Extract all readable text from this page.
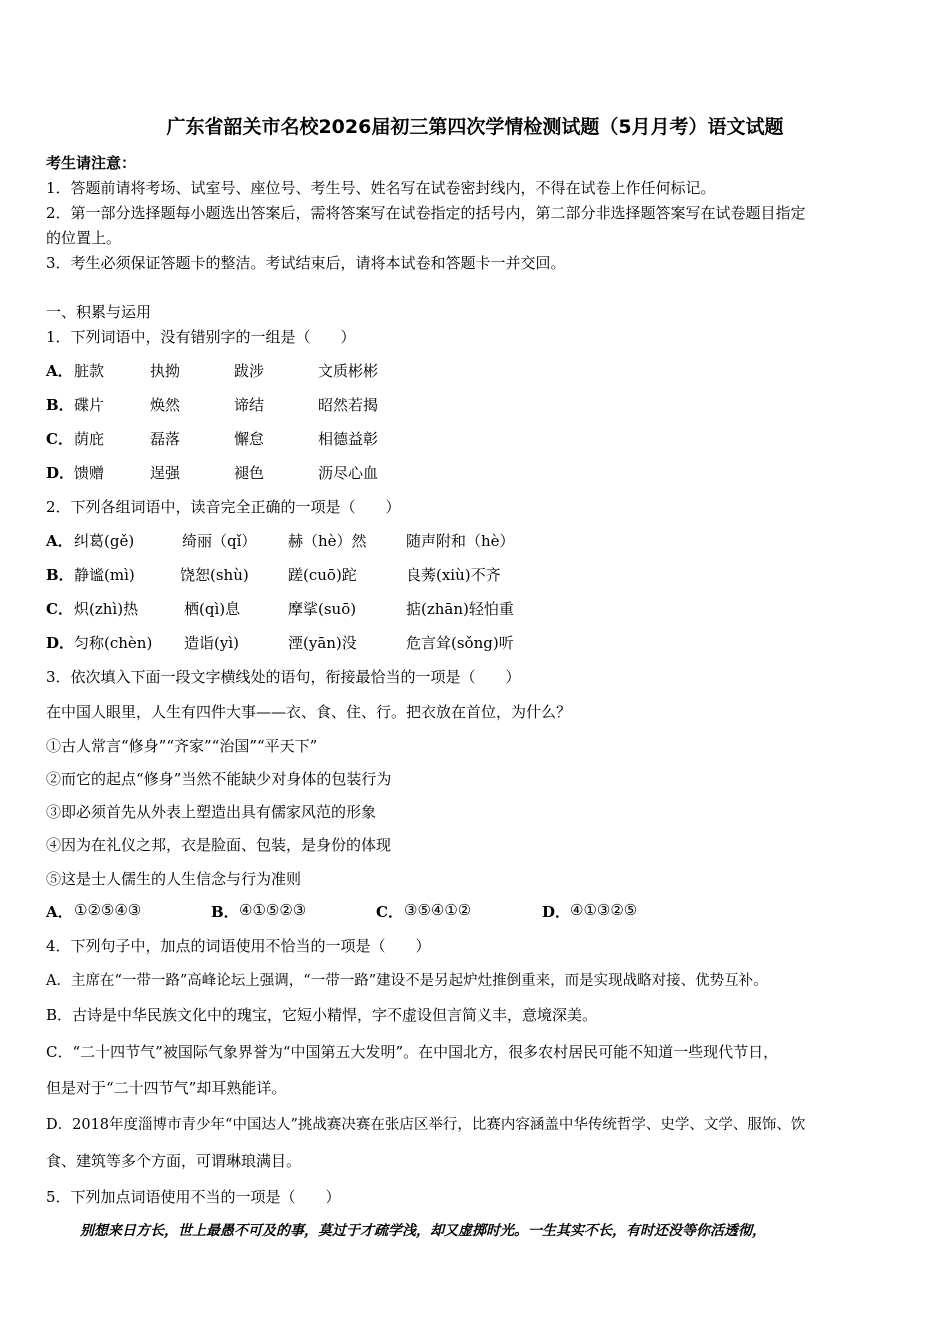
广东省韶关市名校2026届初三第四次学情检测试题（5月月考）语文试题
考生请注意：
1．答题前请将考场、试室号、座位号、考生号、姓名写在试卷密封线内，不得在试卷上作任何标记。
2．第一部分选择题每小题选出答案后，需将答案写在试卷指定的括号内，第二部分非选择题答案写在试卷题目指定
的位置上。
3．考生必须保证答题卡的整洁。考试结束后，请将本试卷和答题卡一并交回。
一、积累与运用
1．下列词语中，没有错别字的一组是（　　）
A． 脏款	执拗	跋涉	文质彬彬
B． 碟片	焕然	谛结	昭然若揭
C． 荫庇	磊落	懈怠	相德益彰
D． 馈赠	逞强	褪色	沥尽心血
2．下列各组词语中，读音完全正确的一项是（　　）
A． 纠葛(gě)	绮丽（qǐ） 赫（hè）然	随声附和（hè）
B． 静谧(mì)	饶恕(shù)	蹉(cuō)跎	良莠(xiù)不齐
C． 炽(zhì)热	栖(qì)息	摩挲(suō)	掂(zhān)轻怕重
D． 匀称(chèn) 造诣(yì)	湮(yān)没	危言耸(sǒng)听
3．依次填入下面一段文字横线处的语句，衔接最恰当的一项是（　　）
在中国人眼里，人生有四件大事——衣、食、住、行。把衣放在首位，为什么？
①古人常言“修身”“齐家”“治国”“平天下”
②而它的起点“修身”当然不能缺少对身体的包装行为
③即必须首先从外表上塑造出具有儒家风范的形象
④因为在礼仪之邦，衣是脸面、包装，是身份的体现
⑤这是士人儒生的人生信念与行为准则
A． ①②⑤④③	B． ④①⑤②③	C． ③⑤④①②	D． ④①③②⑤
4．下列句子中，加点的词语使用不恰当的一项是（　　）
A．主席在“一带一路”高峰论坛上强调，“一带一路”建设不是另起炉灶推倒重来，而是实现战略对接、优势互补。
B．古诗是中华民族文化中的瑰宝，它短小精悍，字不虚设但言简义丰，意境深美。
C．“二十四节气”被国际气象界誉为“中国第五大发明”。在中国北方，很多农村居民可能不知道一些现代节日，
但是对于“二十四节气”却耳熟能详。
D．2018年度淄博市青少年“中国达人”挑战赛决赛在张店区举行，比赛内容涵盖中华传统哲学、史学、文学、服饰、饮
食、建筑等多个方面，可谓琳琅满目。
5．下列加点词语使用不当的一项是（　　）
别想来日方长，世上最愚不可及的事，莫过于才疏学浅，却又虚掷时光。一生其实不长，有时还没等你活透彻，
